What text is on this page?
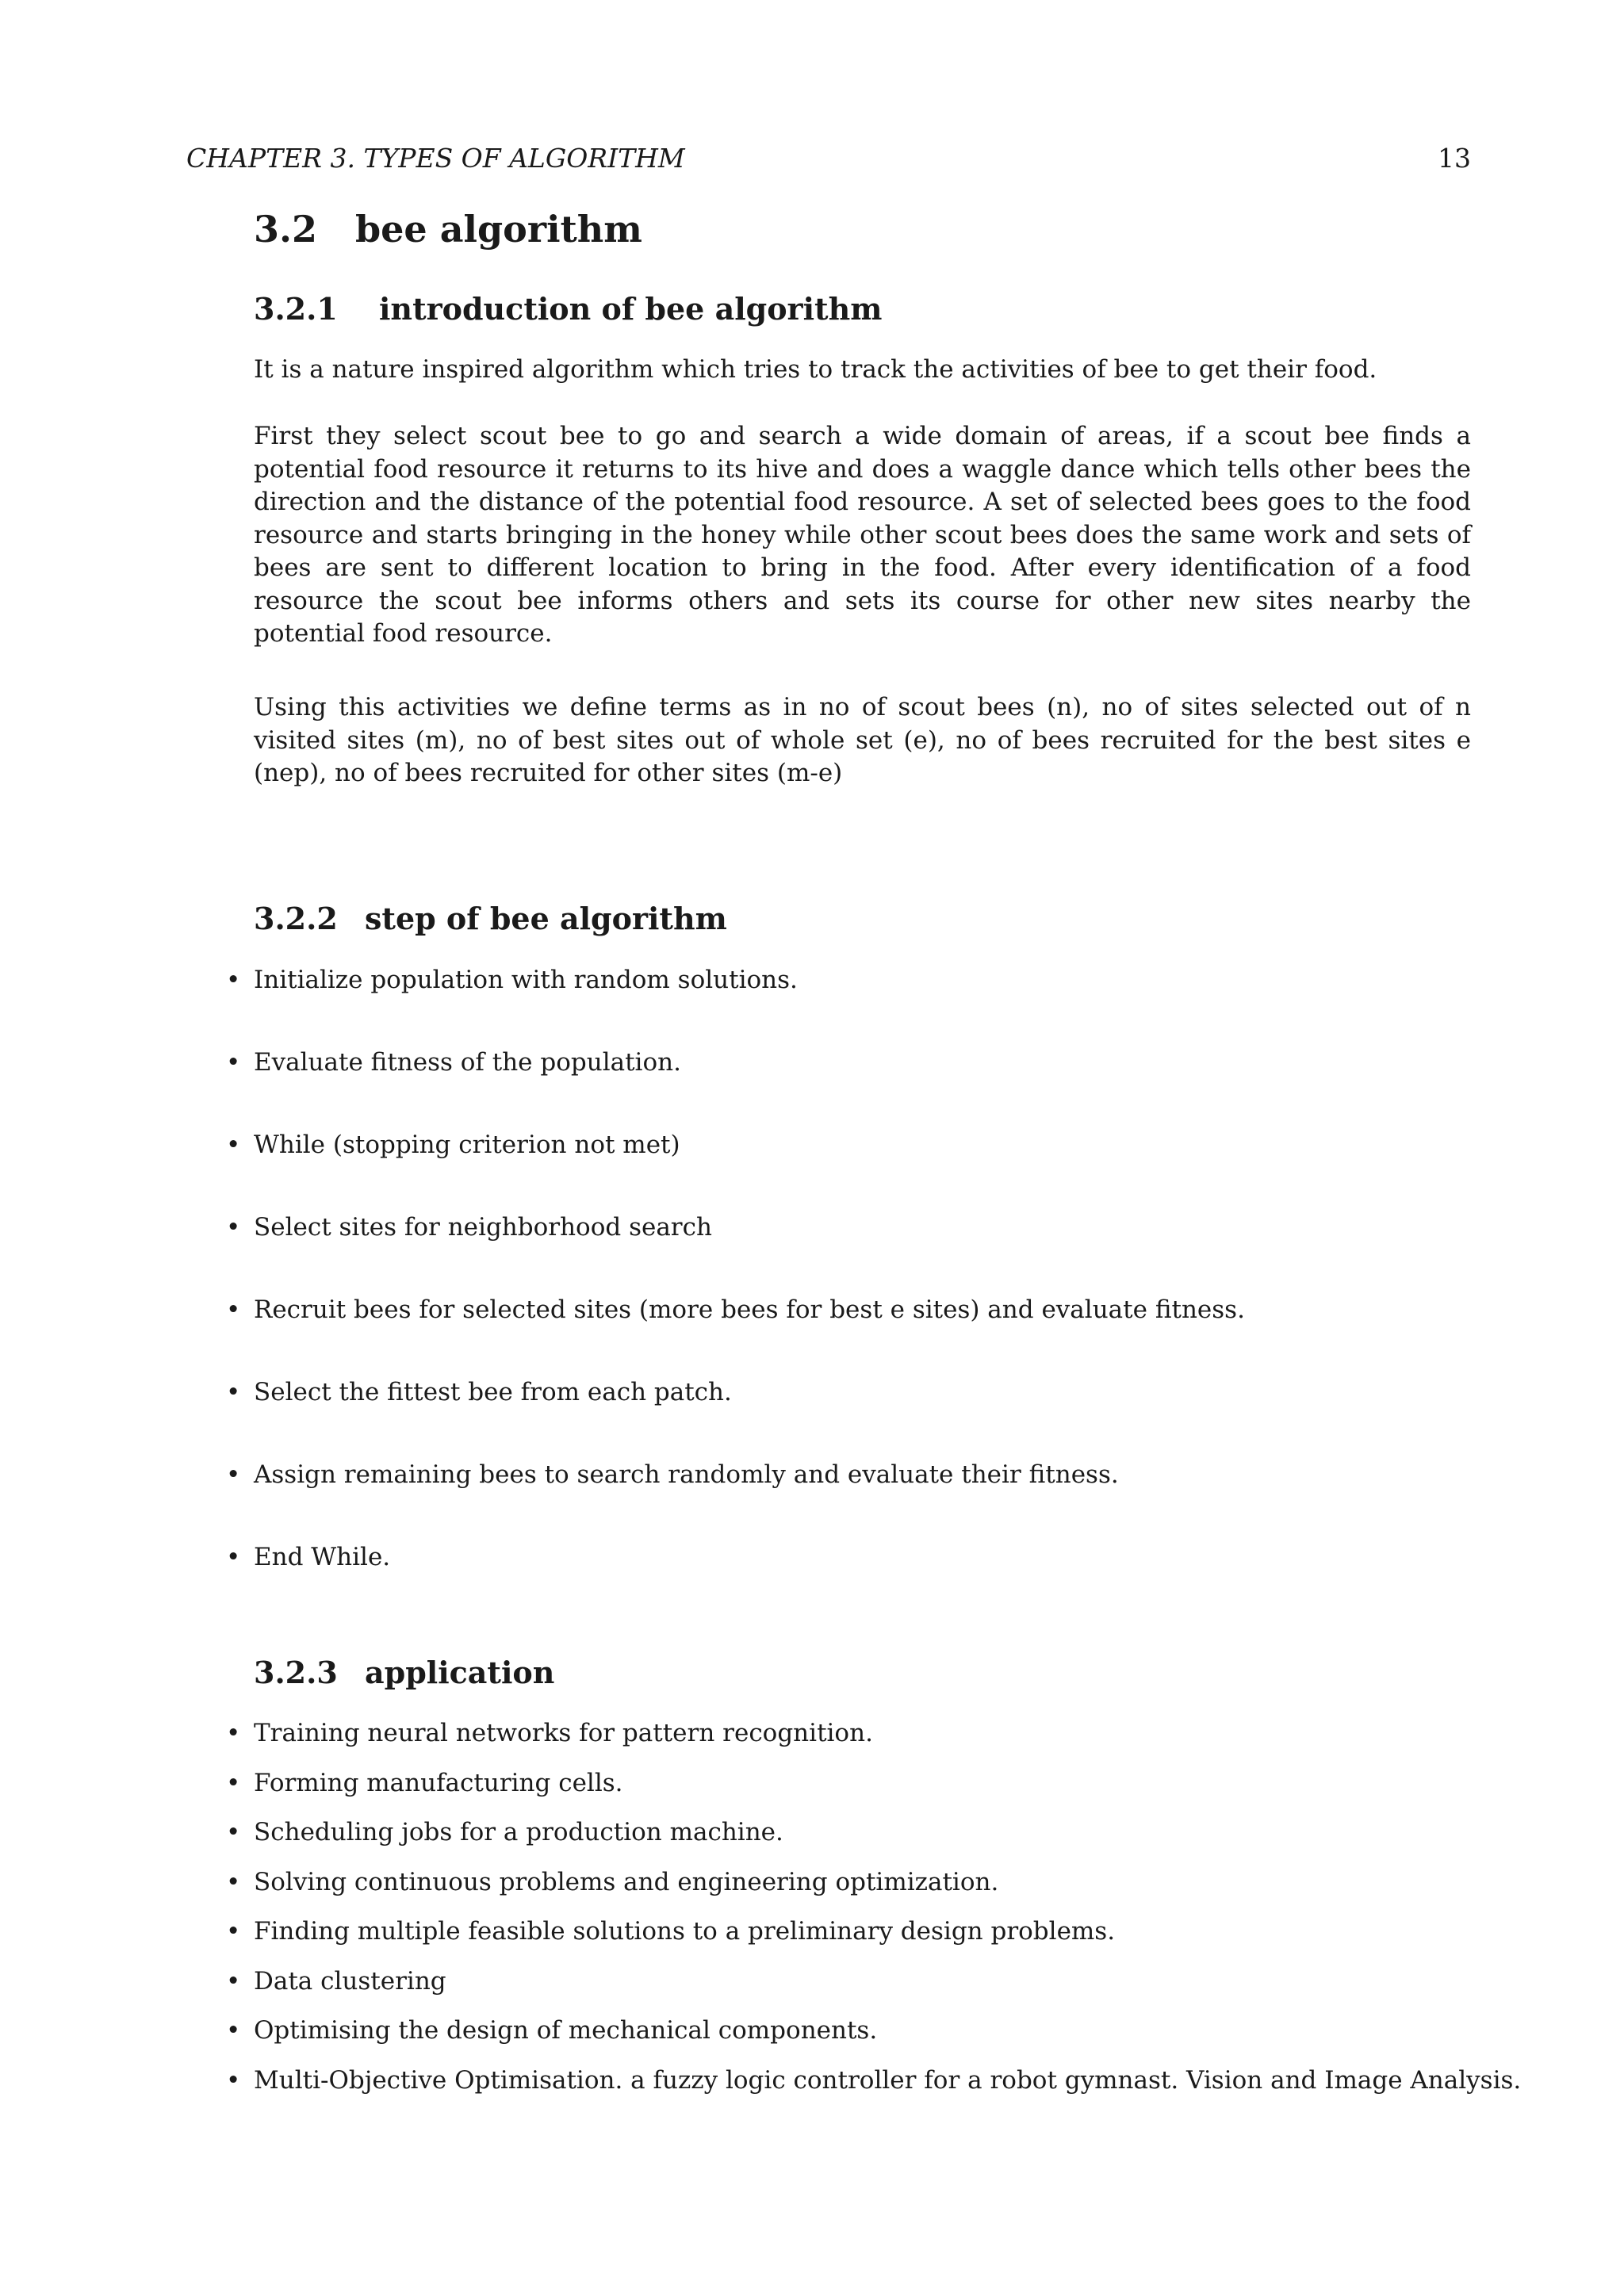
CHAPTER 3. TYPES OF ALGORITHM	13
3.2 bee algorithm
3.2.1 introduction of bee algorithm

It is a nature inspired algorithm which tries to track the activities of bee to get their food.

First they select scout bee to go and search a wide domain of areas, if a scout bee finds a potential food resource it returns to its hive and does a waggle dance which tells other bees the direction and the distance of the potential food resource. A set of selected bees goes to the food resource and starts bringing in the honey while other scout bees does the same work and sets of bees are sent to different location to bring in the food. After every identification of a food resource the scout bee informs others and sets its course for other new sites nearby the potential food resource.

Using this activities we define terms as in no of scout bees (n), no of sites selected out of n visited sites (m), no of best sites out of whole set (e), no of bees recruited for the best sites e (nep), no of bees recruited for other sites (m-e)

3.2.2 step of bee algorithm
• Initialize population with random solutions.
• Evaluate fitness of the population.
• While (stopping criterion not met)
• Select sites for neighborhood search
• Recruit bees for selected sites (more bees for best e sites) and evaluate fitness.
• Select the fittest bee from each patch.
• Assign remaining bees to search randomly and evaluate their fitness.
• End While.
3.2.3 application
• Training neural networks for pattern recognition.
• Forming manufacturing cells.
• Scheduling jobs for a production machine.
• Solving continuous problems and engineering optimization.
• Finding multiple feasible solutions to a preliminary design problems.
• Data clustering
• Optimising the design of mechanical components.
• Multi-Objective Optimisation. a fuzzy logic controller for a robot gymnast. Vision and Image Analysis.
